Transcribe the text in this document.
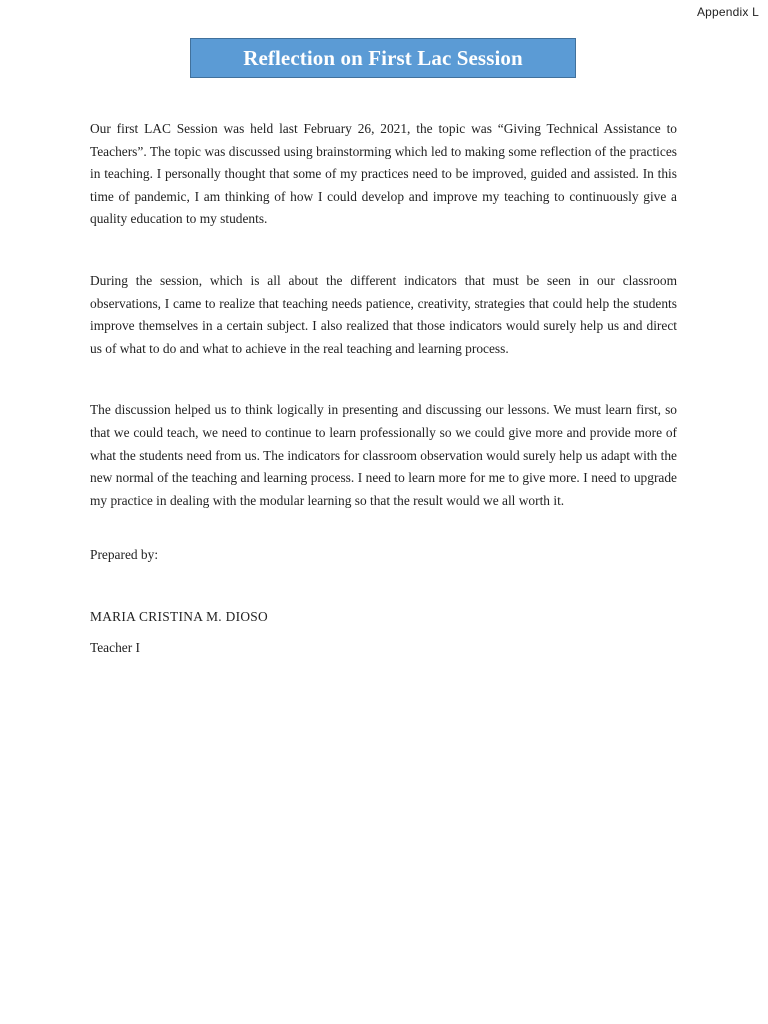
Appendix L
Reflection on First Lac Session

Our first LAC Session was held last February 26, 2021, the topic was “Giving Technical Assistance to Teachers”. The topic was discussed using brainstorming which led to making some reflection of the practices in teaching. I personally thought that some of my practices need to be improved, guided and assisted. In this time of pandemic, I am thinking of how I could develop and improve my teaching to continuously give a quality education to my students.

During the session, which is all about the different indicators that must be seen in our classroom observations, I came to realize that teaching needs patience, creativity, strategies that could help the students improve themselves in a certain subject. I also realized that those indicators would surely help us and direct us of what to do and what to achieve in the real teaching and learning process.

The discussion helped us to think logically in presenting and discussing our lessons. We must learn first, so that we could teach, we need to continue to learn professionally so we could give more and provide more of what the students need from us. The indicators for classroom observation would surely help us adapt with the new normal of the teaching and learning process. I need to learn more for me to give more. I need to upgrade my practice in dealing with the modular learning so that the result would we all worth it.

Prepared by:

MARIA CRISTINA M. DIOSO

Teacher I
